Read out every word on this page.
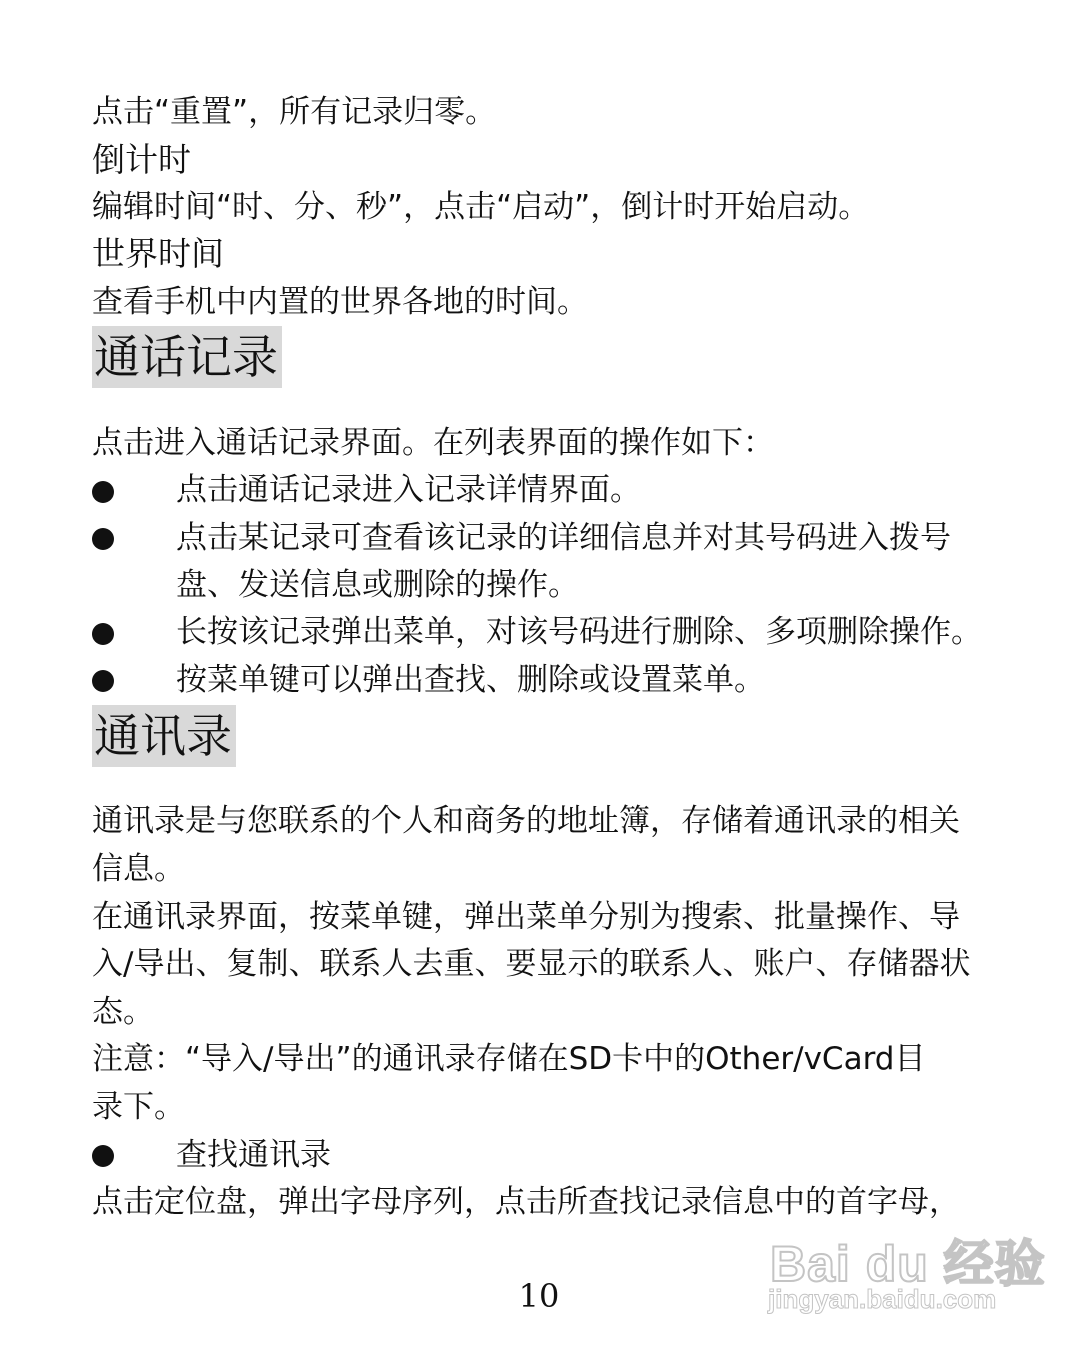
点击“重置”，所有记录归零。
倒计时
编辑时间“时、分、秒”，点击“启动”，倒计时开始启动。
世界时间
查看手机中内置的世界各地的时间。
通话记录
点击进入通话记录界面。在列表界面的操作如下：
点击通话记录进入记录详情界面。
点击某记录可查看该记录的详细信息并对其号码进入拨号
盘、发送信息或删除的操作。
长按该记录弹出菜单，对该号码进行删除、多项删除操作。
按菜单键可以弹出查找、删除或设置菜单。
通讯录
通讯录是与您联系的个人和商务的地址簿，存储着通讯录的相关
信息。
在通讯录界面，按菜单键，弹出菜单分别为搜索、批量操作、导
入/导出、复制、联系人去重、要显示的联系人、账户、存储器状
态。
注意：“导入/导出”的通讯录存储在SD卡中的Other/vCard目
录下。
查找通讯录
点击定位盘，弹出字母序列，点击所查找记录信息中的首字母，
10
Bai du 经验
jingyan.baidu.com
